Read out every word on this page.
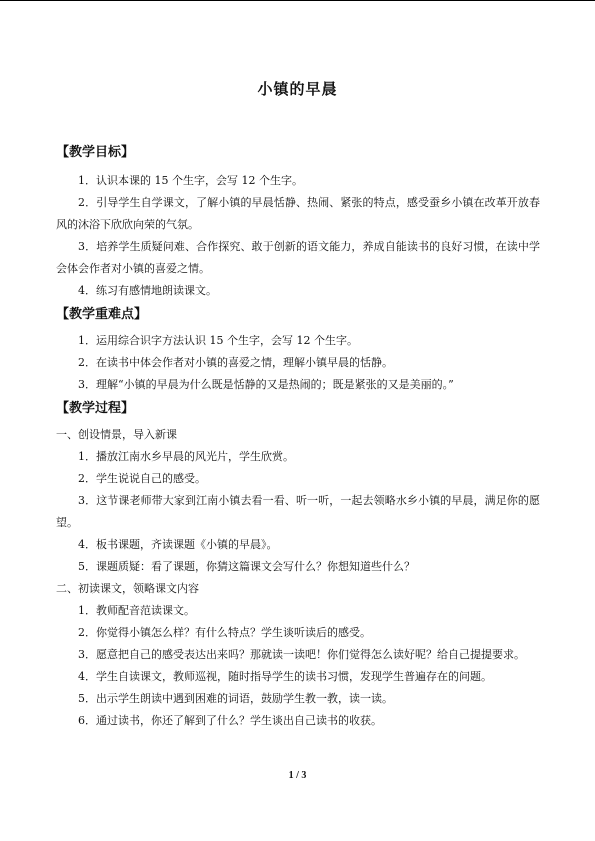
小镇的早晨
【教学目标】
1．认识本课的 15 个生字，会写 12 个生字。
2．引导学生自学课文，了解小镇的早晨恬静、热闹、紧张的特点，感受蚕乡小镇在改革开放春风的沐浴下欣欣向荣的气氛。
3．培养学生质疑问难、合作探究、敢于创新的语文能力，养成自能读书的良好习惯，在读中学会体会作者对小镇的喜爱之情。
4．练习有感情地朗读课文。
【教学重难点】
1．运用综合识字方法认识 15 个生字，会写 12 个生字。
2．在读书中体会作者对小镇的喜爱之情，理解小镇早晨的恬静。
3．理解“小镇的早晨为什么既是恬静的又是热闹的；既是紧张的又是美丽的。”
【教学过程】
一、创设情景，导入新课
1．播放江南水乡早晨的风光片，学生欣赏。
2．学生说说自己的感受。
3．这节课老师带大家到江南小镇去看一看、听一听，一起去领略水乡小镇的早晨，满足你的愿望。
4．板书课题，齐读课题《小镇的早晨》。
5．课题质疑：看了课题，你猜这篇课文会写什么？你想知道些什么？
二、初读课文，领略课文内容
1．教师配音范读课文。
2．你觉得小镇怎么样？有什么特点？学生谈听读后的感受。
3．愿意把自己的感受表达出来吗？那就读一读吧！你们觉得怎么读好呢？给自己提提要求。
4．学生自读课文，教师巡视，随时指导学生的读书习惯，发现学生普遍存在的问题。
5．出示学生朗读中遇到困难的词语，鼓励学生教一教，读一读。
6．通过读书，你还了解到了什么？学生谈出自己读书的收获。
1 / 3
